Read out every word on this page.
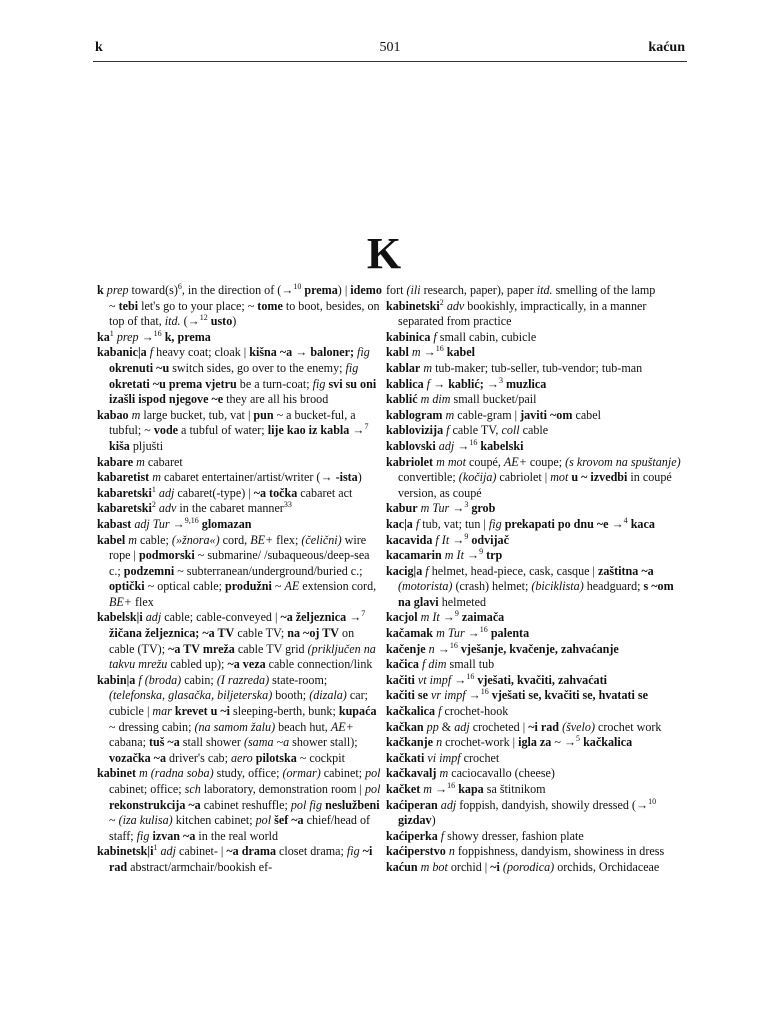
k	501	kaćun
K

k prep $toward(s)^6$, in the direction of (→$^{10}$ prema) | idemo ~ tebi let's go to your place; ~ tome to boot, besides, on top of that, itd. (→$^{12}$ usto)

$ka^1$ prep →$^{16}$ k, prema

kabanic|a f heavy coat; cloak | kišna ~a → baloner; fig okrenuti ~u switch sides, go over to the enemy; fig okretati ~u prema vjetru be a turn-coat; fig svi su oni izašli ispod njegove ~e they are all his brood

kabao m large bucket, tub, vat | pun ~ a bucket-ful, a tubful; ~ vode a tubful of water; lije kao iz kabla →$^7$ kiša pljušti

kabare m cabaret

kabaretist m cabaret entertainer/artist/writer (→ -ista)

kabaretski$^1$ adj cabaret(-type) | ~a točka cabaret act

kabaretski$^2$ adv in the cabaret manner$^{33}$

kabast adj Tur →$^{9,16}$ glomazan

kabel m cable; (»žnora«) cord, BE+ flex; (čelični) wire rope | podmorski ~ submarine/ /subaqueous/deep-sea c.; podzemni ~ subterranean/underground/buried c.; optički ~ optical cable; produžni ~ AE extension cord, BE+ flex

kabelsk|i adj cable; cable-conveyed | ~a željeznica →$^7$ žičana željeznica; ~a TV cable TV; na ~oj TV on cable (TV); ~a TV mreža cable TV grid (priključen na takvu mrežu cabled up); ~a veza cable connection/link

kabin|a f (broda) cabin; (I razreda) state-room; (telefonska, glasačka, biljeterska) booth; (dizala) car; cubicle | mar krevet u ~i sleeping-berth, bunk; kupaća ~ dressing cabin; (na samom žalu) beach hut, AE+ cabana; tuš ~a stall shower (sama ~a shower stall); vozačka ~a driver's cab; aero pilotska ~ cockpit

kabinet m (radna soba) study, office; (ormar) cabinet; pol cabinet; office; sch laboratory, demonstration room | pol rekonstrukcija ~a cabinet reshuffle; pol fig neslužbeni ~ (iza kulisa) kitchen cabinet; pol šef ~a chief/head of staff; fig izvan ~a in the real world

$kabinetsk|i^1$ adj cabinet- | ~a drama closet drama; fig ~i rad abstract/armchair/bookish ef-

fort (ili research, paper), paper itd. smelling of the lamp

kabinetski$^2$ adv bookishly, impractically, in a manner separated from practice

kabinica f small cabin, cubicle

kabl m →$^{16}$ kabel

kablar m tub-maker; tub-seller, tub-vendor; tub-man

kablica f → kablić; →$^3$ muzlica

kablić m dim small bucket/pail

kablogram m cable-gram | javiti ~om cabel

kablovizija f cable TV, coll cable

kablovski adj →$^{16}$ kabelski

kabriolet m mot coupé, AE+ coupe; (s krovom na spuštanje) convertible; (kočija) cabriolet | mot u ~ izvedbi in coupé version, as coupé

kabur m Tur →$^3$ grob

kac|a f tub, vat; tun | fig prekapati po dnu ~e →$^4$ kaca

kacavida f It →$^9$ odvijač

kacamarin m It →$^9$ trp

kacig|a f helmet, head-piece, cask, casque | zaštitna ~a (motorista) (crash) helmet; (biciklista) headguard; s ~om na glavi helmeted

kacjol m It →$^9$ zaimača

kačamak m Tur →$^{16}$ palenta

kačenje n →$^{16}$ vješanje, kvačenje, zahvaćanje

kačica f dim small tub

kačiti vt impf →$^{16}$ vješati, kvačiti, zahvaćati

kačiti se vr impf →$^{16}$ vješati se, kvačiti se, hvatati se

kačkalica f crochet-hook

kačkan pp & adj crocheted | ~i rad (švelo) crochet work

kačkanje n crochet-work | igla za ~ →$^5$ kačkalica

kačkati vi impf crochet

kačkavalj m caciocavallo (cheese)

kačket m →$^{16}$ kapa sa štitnikom

kaćiperan adj foppish, dandyish, showily dressed (→$^{10}$ gizdav)

kaćiperka f showy dresser, fashion plate

kaćiperstvo n foppishness, dandyism, showiness in dress

kaćun m bot orchid | ~i (porodica) orchids, Orchidaceae
